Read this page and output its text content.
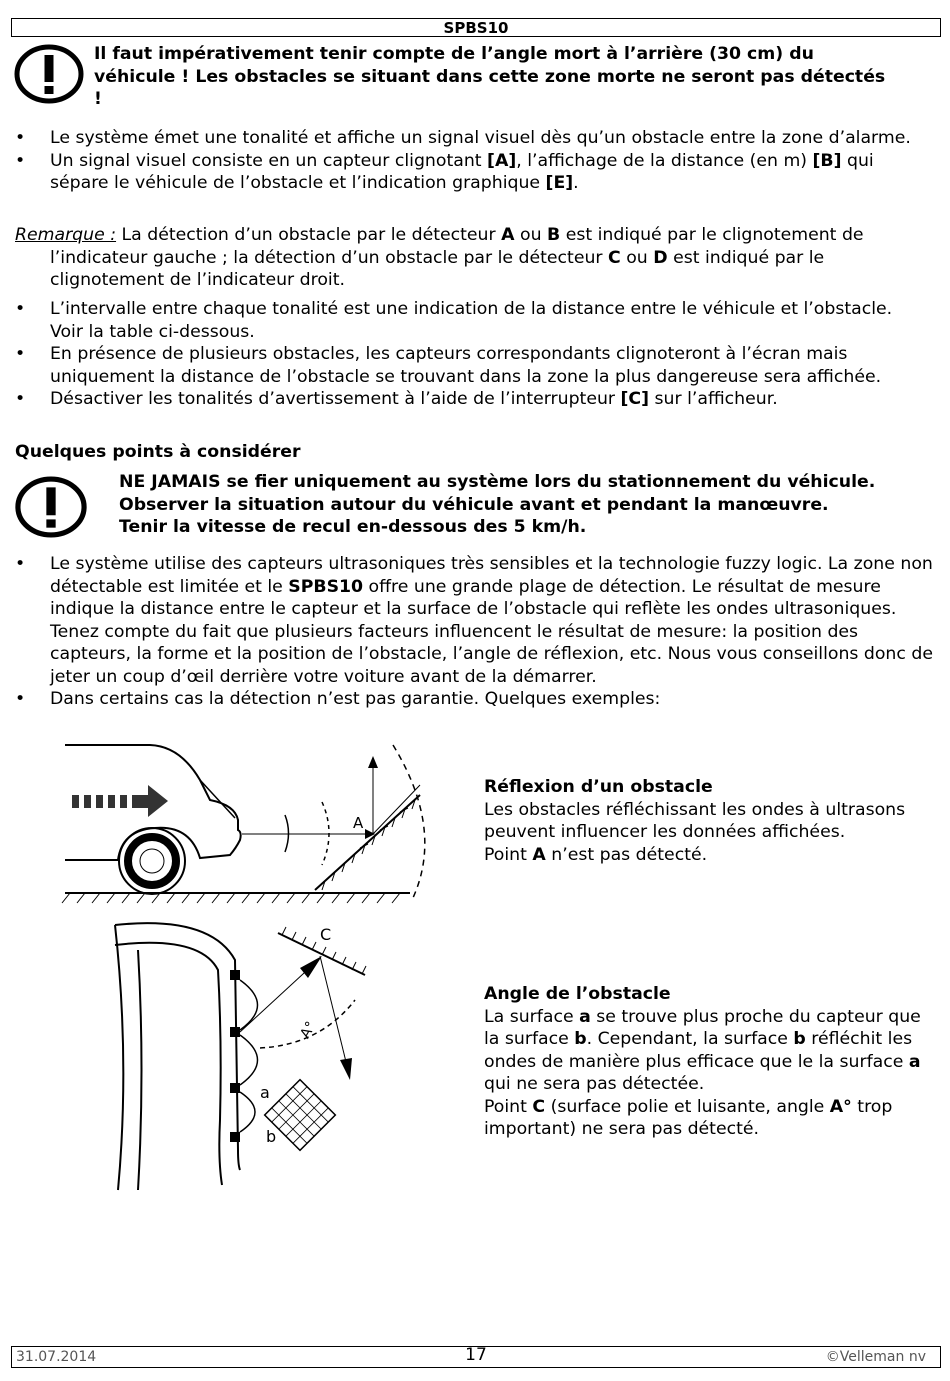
SPBS10
Il faut impérativement tenir compte de l’angle mort à l’arrière (30 cm) du véhicule ! Les obstacles se situant dans cette zone morte ne seront pas détectés !
• Le système émet une tonalité et affiche un signal visuel dès qu’un obstacle entre la zone d’alarme.
• Un signal visuel consiste en un capteur clignotant [A], l’affichage de la distance (en m) [B] qui sépare le véhicule de l’obstacle et l’indication graphique [E].
Remarque : La détection d’un obstacle par le détecteur A ou B est indiqué par le clignotement de l’indicateur gauche ; la détection d’un obstacle par le détecteur C ou D est indiqué par le clignotement de l’indicateur droit.
• L’intervalle entre chaque tonalité est une indication de la distance entre le véhicule et l’obstacle. Voir la table ci-dessous.
• En présence de plusieurs obstacles, les capteurs correspondants clignoteront à l’écran mais uniquement la distance de l’obstacle se trouvant dans la zone la plus dangereuse sera affichée.
• Désactiver les tonalités d’avertissement à l’aide de l’interrupteur [C] sur l’afficheur.
Quelques points à considérer
NE JAMAIS se fier uniquement au système lors du stationnement du véhicule.
Observer la situation autour du véhicule avant et pendant la manœuvre.
Tenir la vitesse de recul en-dessous des 5 km/h.
• Le système utilise des capteurs ultrasoniques très sensibles et la technologie fuzzy logic. La zone non détectable est limitée et le SPBS10 offre une grande plage de détection. Le résultat de mesure indique la distance entre le capteur et la surface de l’obstacle qui reflète les ondes ultrasoniques. Tenez compte du fait que plusieurs facteurs influencent le résultat de mesure: la position des capteurs, la forme et la position de l’obstacle, l’angle de réflexion, etc. Nous vous conseillons donc de jeter un coup d’œil derrière votre voiture avant de la démarrer.
• Dans certains cas la détection n’est pas garantie. Quelques exemples:
A
Réflexion d’un obstacle
Les obstacles réfléchissant les ondes à ultrasons peuvent influencer les données affichées.
Point A n’est pas détecté.
C
A°
a
b
Angle de l’obstacle
La surface a se trouve plus proche du capteur que la surface b. Cependant, la surface b réfléchit les ondes de manière plus efficace que le la surface a qui ne sera pas détectée.
Point C (surface polie et luisante, angle A° trop important) ne sera pas détecté.
31.07.2014	17	©Velleman nv
